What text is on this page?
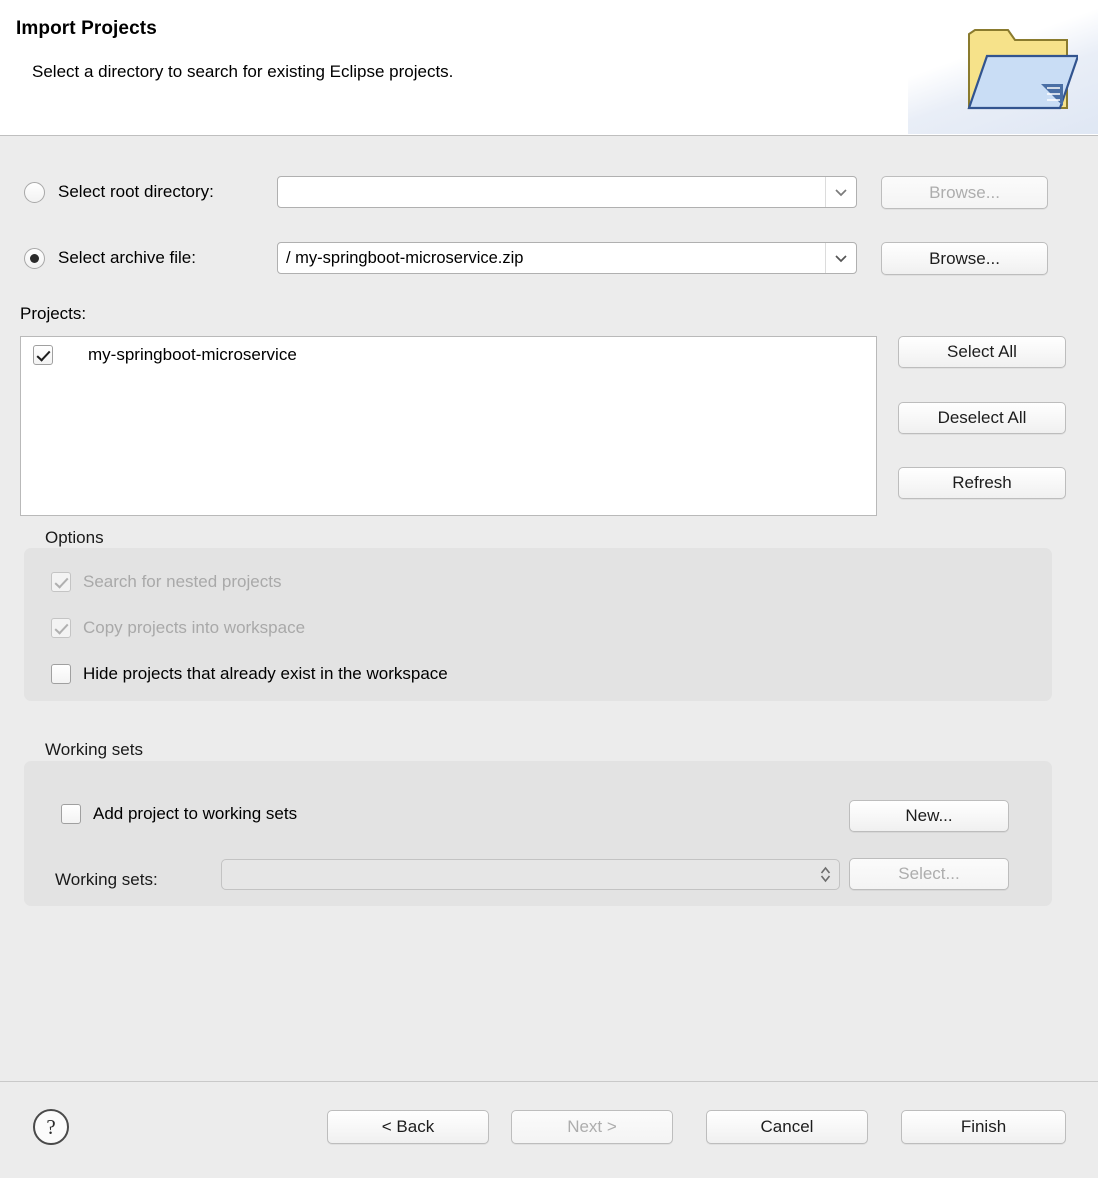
Import Projects
Select a directory to search for existing Eclipse projects.
Select root directory:	Browse...
Select archive file:	/ my-springboot-microservice.zip	Browse...
Projects:
my-springboot-microservice	Select All
Deselect All
Refresh
Options
Search for nested projects
Copy projects into workspace
Hide projects that already exist in the workspace
Working sets
Add project to working sets	New...
Working sets:	Select...
?	< Back	Next >	Cancel	Finish
